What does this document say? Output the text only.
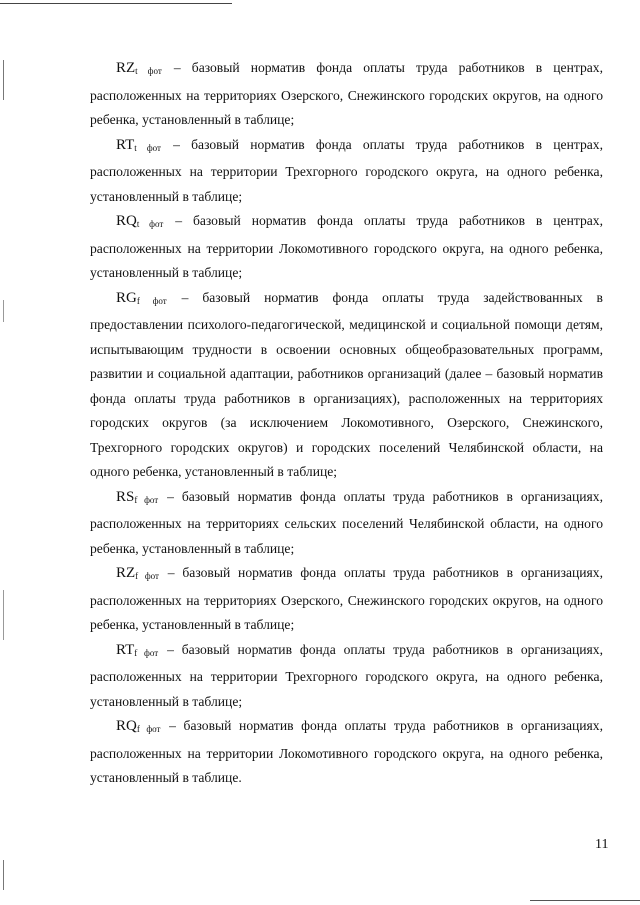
$RZ_{t фот}$ – базовый норматив фонда оплаты труда работников в центрах, расположенных на территориях Озерского, Снежинского городских округов, на одного ребенка, установленный в таблице;

$RT_{t фот}$ – базовый норматив фонда оплаты труда работников в центрах, расположенных на территории Трехгорного городского округа, на одного ребенка, установленный в таблице;

$RQ_{t фот}$ – базовый норматив фонда оплаты труда работников в центрах, расположенных на территории Локомотивного городского округа, на одного ребенка, установленный в таблице;

$RG_{f фот}$ – базовый норматив фонда оплаты труда задействованных в предоставлении психолого-педагогической, медицинской и социальной помощи детям, испытывающим трудности в освоении основных общеобразовательных программ, развитии и социальной адаптации, работников организаций (далее – базовый норматив фонда оплаты труда работников в организациях), расположенных на территориях городских округов (за исключением Локомотивного, Озерского, Снежинского, Трехгорного городских округов) и городских поселений Челябинской области, на одного ребенка, установленный в таблице;

$RS_{f фот}$ – базовый норматив фонда оплаты труда работников в организациях, расположенных на территориях сельских поселений Челябинской области, на одного ребенка, установленный в таблице;

$RZ_{f фот}$ – базовый норматив фонда оплаты труда работников в организациях, расположенных на территориях Озерского, Снежинского городских округов, на одного ребенка, установленный в таблице;

$RT_{f фот}$ – базовый норматив фонда оплаты труда работников в организациях, расположенных на территории Трехгорного городского округа, на одного ребенка, установленный в таблице;

$RQ_{f фот}$ – базовый норматив фонда оплаты труда работников в организациях, расположенных на территории Локомотивного городского округа, на одного ребенка, установленный в таблице.

11
